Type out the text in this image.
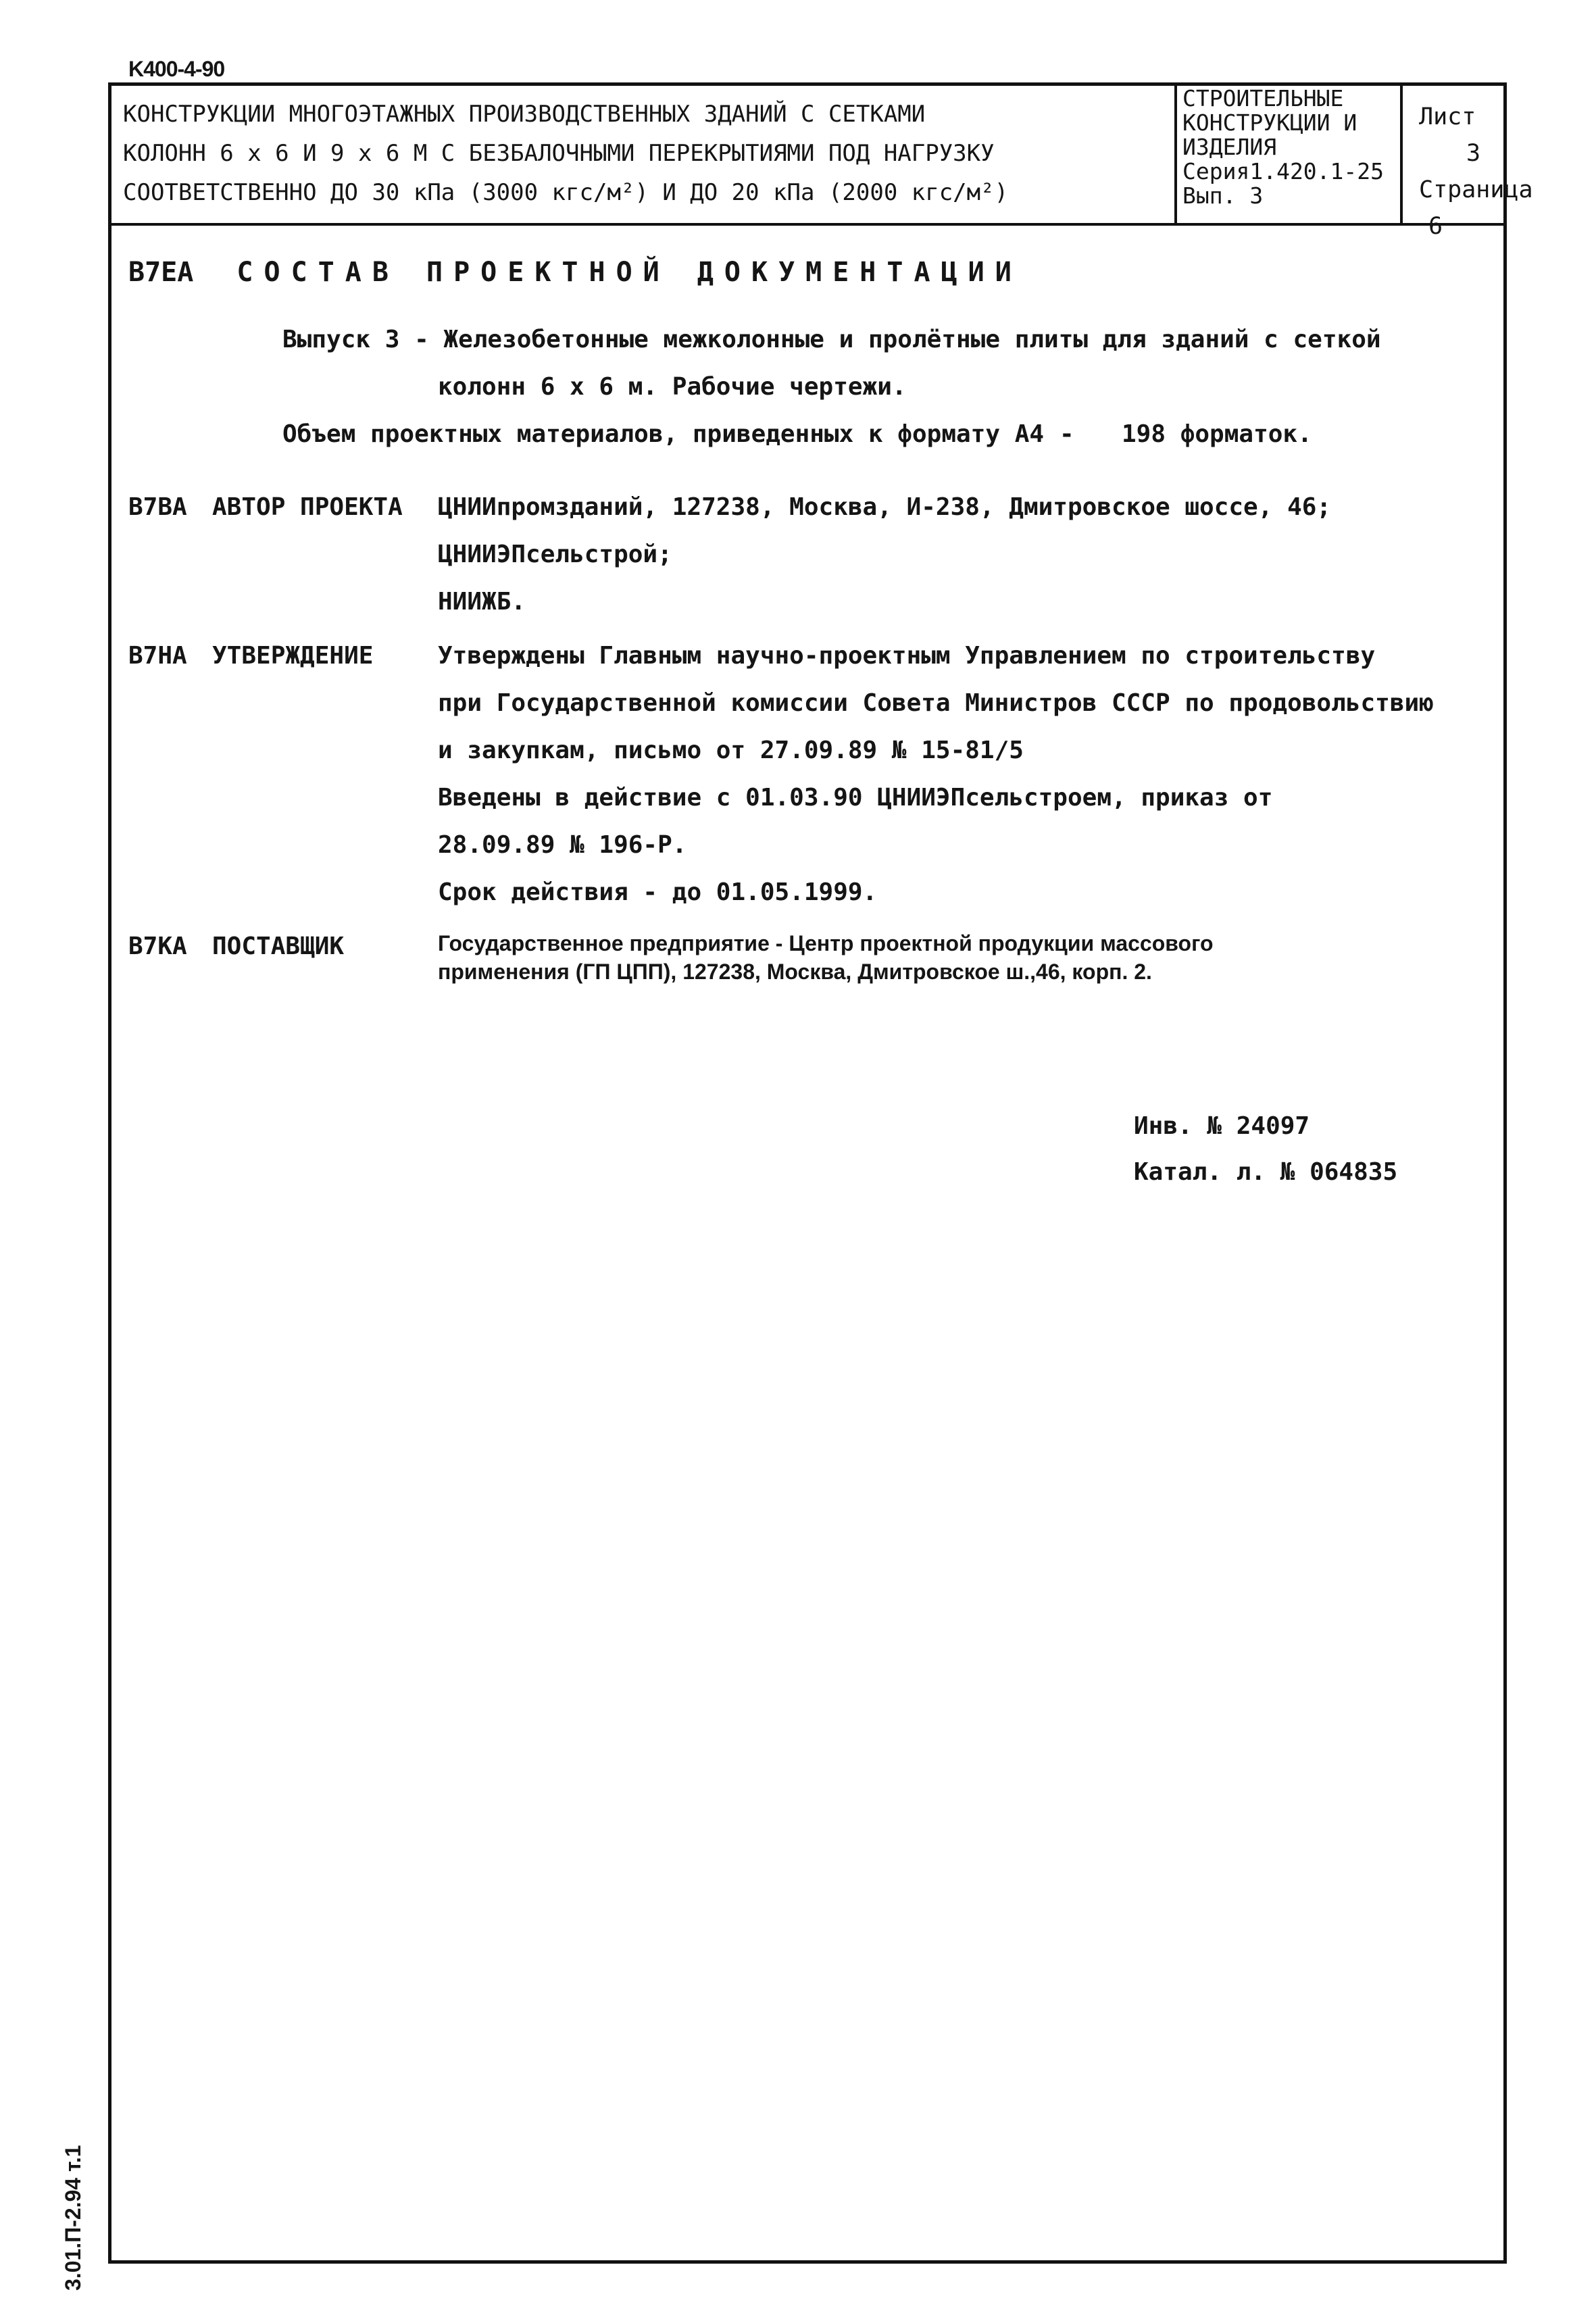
K400-4-90
КОНСТРУКЦИИ МНОГОЭТАЖНЫХ ПРОИЗВОДСТВЕННЫХ ЗДАНИЙ С СЕТКАМИ
КОЛОНН 6 х 6 И 9 х 6 М С БЕЗБАЛОЧНЫМИ ПЕРЕКРЫТИЯМИ ПОД НАГРУЗКУ
СООТВЕТСТВЕННО ДО 30 кПа (3000 кгс/м²) И ДО 20 кПа (2000 кгс/м²)
СТРОИТЕЛЬНЫЕ
КОНСТРУКЦИИ И
ИЗДЕЛИЯ
Серия1.420.1-25
Вып. 3
Лист 3
Страница 6
В7ЕА СОСТАВ ПРОЕКТНОЙ ДОКУМЕНТАЦИИ
Выпуск 3 - Железобетонные межколонные и пролётные плиты для зданий с сеткой
колонн 6 х 6 м. Рабочие чертежи.
Объем проектных материалов, приведенных к формату А4 - 198 форматок.
В7ВА АВТОР ПРОЕКТА ЦНИИпромзданий, 127238, Москва, И-238, Дмитровское шоссе, 46;
ЦНИИЭПсельстрой;
НИИЖБ.
В7НА УТВЕРЖДЕНИЕ	Утверждены Главным научно-проектным Управлением по строительству
при Государственной комиссии Совета Министров СССР по продовольствию
и закупкам, письмо от 27.09.89 № 15-81/5
Введены в действие с 01.03.90 ЦНИИЭПсельстроем, приказ от
28.09.89 № 196-Р.
Срок действия - до 01.05.1999.
В7КА ПОСТАВЩИК	Государственное предприятие - Центр проектной продукции массового
применения (ГП ЦПП), 127238, Москва, Дмитровское ш.,46, корп. 2.
Инв. № 24097
Катал. л. № 064835
3.01.П-2.94 т.1
